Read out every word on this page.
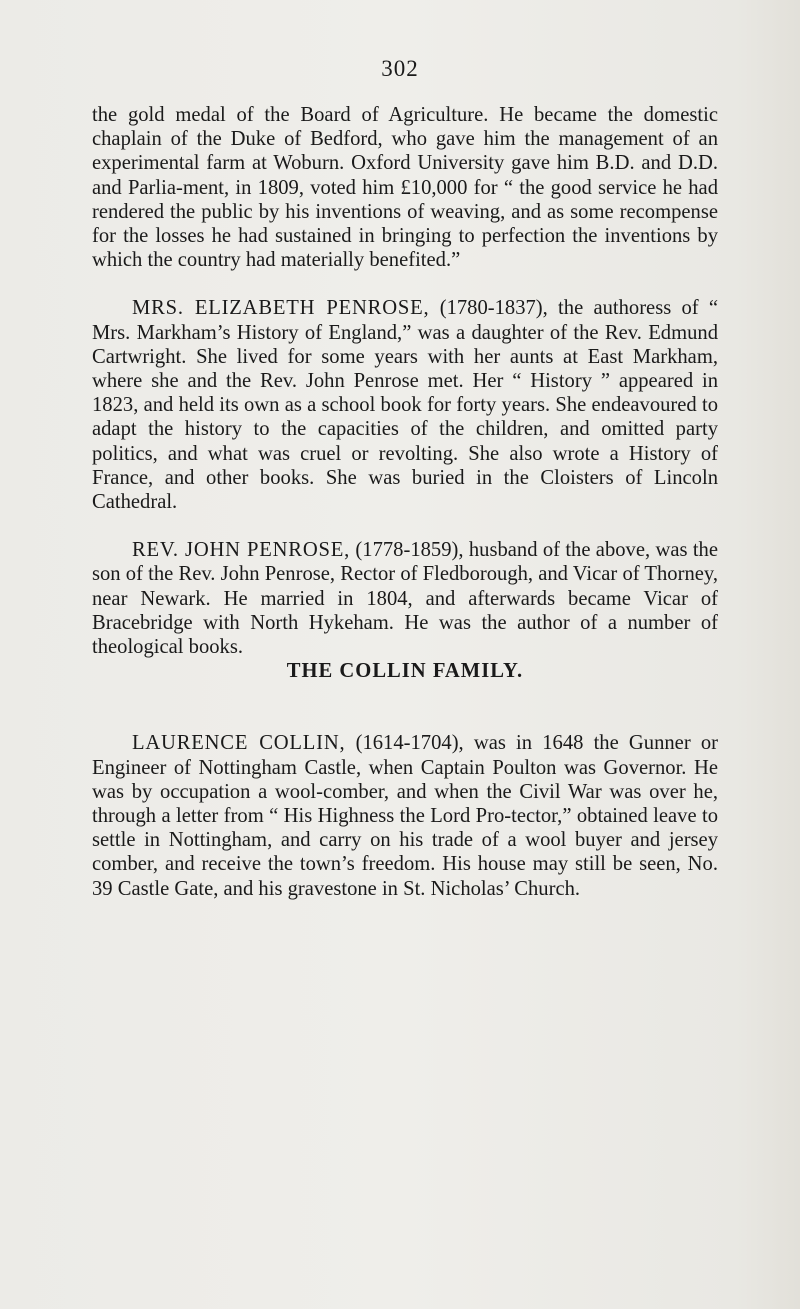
302

the gold medal of the Board of Agriculture. He became the domestic chaplain of the Duke of Bedford, who gave him the management of an experimental farm at Woburn. Oxford University gave him B.D. and D.D. and Parlia-ment, in 1809, voted him £10,000 for “ the good service he had rendered the public by his inventions of weaving, and as some recompense for the losses he had sustained in bringing to perfection the inventions by which the country had materially benefited.”

MRS. ELIZABETH PENROSE, (1780-1837), the authoress of “ Mrs. Markham’s History of England,” was a daughter of the Rev. Edmund Cartwright. She lived for some years with her aunts at East Markham, where she and the Rev. John Penrose met. Her “ History ” appeared in 1823, and held its own as a school book for forty years. She endeavoured to adapt the history to the capacities of the children, and omitted party politics, and what was cruel or revolting. She also wrote a History of France, and other books. She was buried in the Cloisters of Lincoln Cathedral.

REV. JOHN PENROSE, (1778-1859), husband of the above, was the son of the Rev. John Penrose, Rector of Fledborough, and Vicar of Thorney, near Newark. He married in 1804, and afterwards became Vicar of Bracebridge with North Hykeham. He was the author of a number of theological books.

THE COLLIN FAMILY.

LAURENCE COLLIN, (1614-1704), was in 1648 the Gunner or Engineer of Nottingham Castle, when Captain Poulton was Governor. He was by occupation a wool-comber, and when the Civil War was over he, through a letter from “ His Highness the Lord Pro-tector,” obtained leave to settle in Nottingham, and carry on his trade of a wool buyer and jersey comber, and receive the town’s freedom. His house may still be seen, No. 39 Castle Gate, and his gravestone in St. Nicholas’ Church.
